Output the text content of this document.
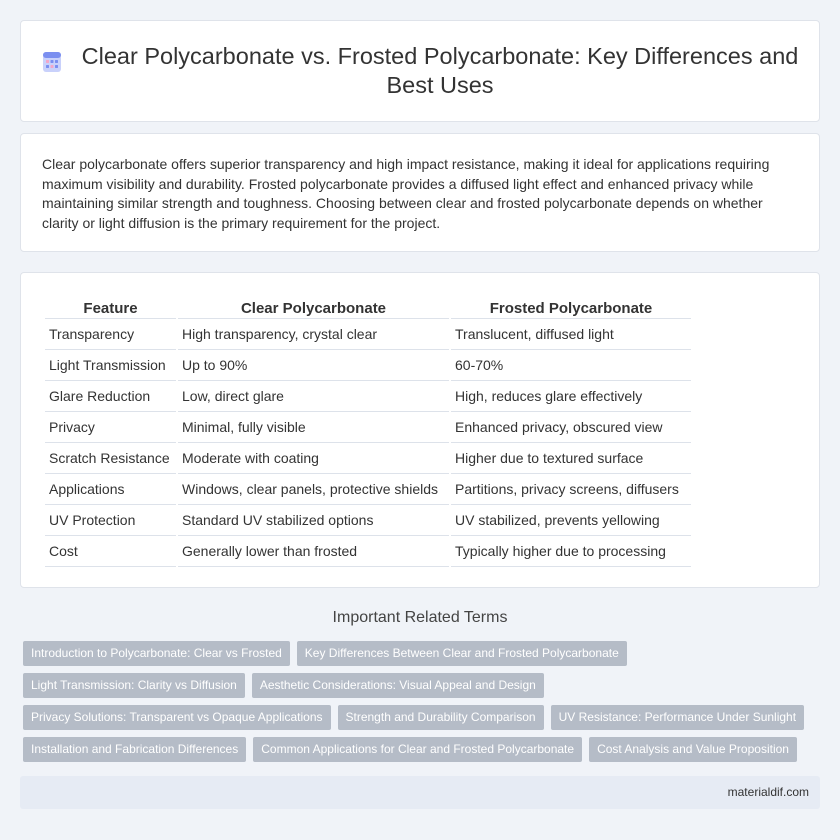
Clear Polycarbonate vs. Frosted Polycarbonate: Key Differences and Best Uses

Clear polycarbonate offers superior transparency and high impact resistance, making it ideal for applications requiring maximum visibility and durability. Frosted polycarbonate provides a diffused light effect and enhanced privacy while maintaining similar strength and toughness. Choosing between clear and frosted polycarbonate depends on whether clarity or light diffusion is the primary requirement for the project.

Feature	Clear Polycarbonate	Frosted Polycarbonate
Transparency	High transparency, crystal clear	Translucent, diffused light
Light Transmission	Up to 90%	60-70%
Glare Reduction	Low, direct glare	High, reduces glare effectively
Privacy	Minimal, fully visible	Enhanced privacy, obscured view
Scratch Resistance	Moderate with coating	Higher due to textured surface
Applications	Windows, clear panels, protective shields	Partitions, privacy screens, diffusers
UV Protection	Standard UV stabilized options	UV stabilized, prevents yellowing
Cost	Generally lower than frosted	Typically higher due to processing
Important Related Terms
Introduction to Polycarbonate: Clear vs Frosted	Key Differences Between Clear and Frosted Polycarbonate
Light Transmission: Clarity vs Diffusion	Aesthetic Considerations: Visual Appeal and Design
Privacy Solutions: Transparent vs Opaque Applications	Strength and Durability Comparison	UV Resistance: Performance Under Sunlight
Installation and Fabrication Differences	Common Applications for Clear and Frosted Polycarbonate	Cost Analysis and Value Proposition
materialdif.com
